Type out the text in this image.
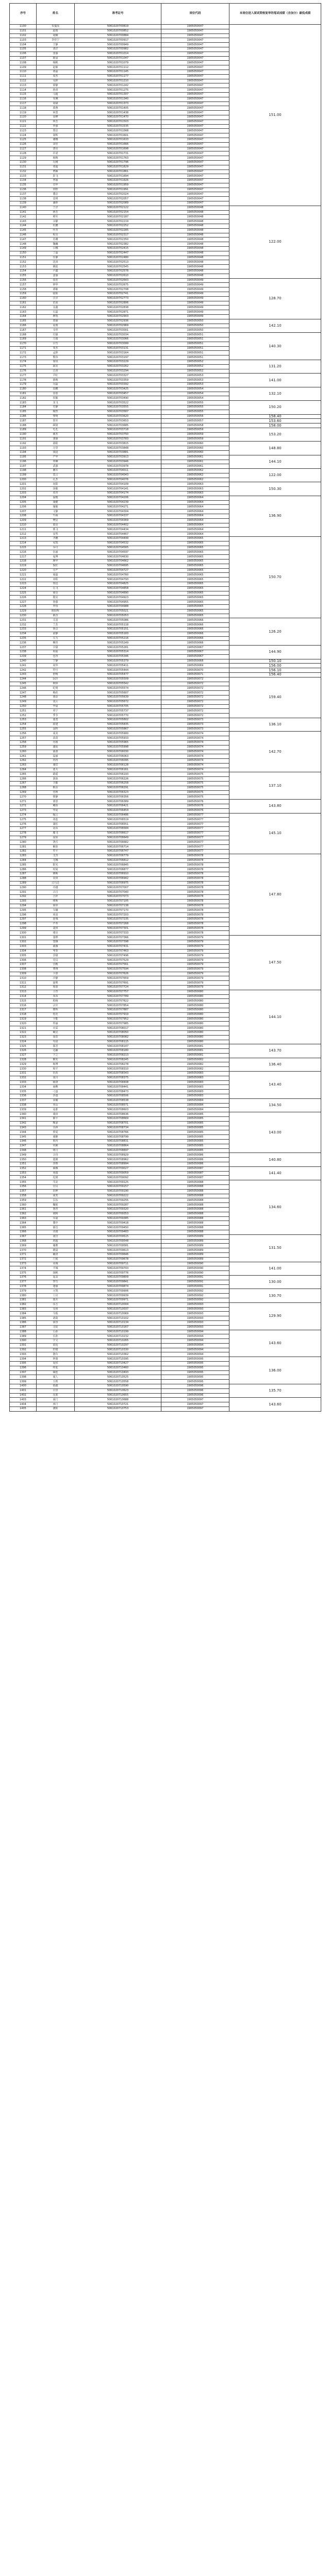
序号	姓名	准考证号	岗位代码	本岗位进入面试资格复审的笔试成绩（含加分）最低成绩
1100	朱蔓瑶	5061020700819	1905050047	151.00
1101	赵雨	5061020700852	1905050047	
1102	胡楠	5061020700884	1905050047	
1103	李佳宁	5061020700917	1905050047	
1104	王静	5061020700949	1905050047	
1105	刘洋	5061020700982	1905050047	
1106	张丽	5061020701014	1905050047	
1107	陈晨	5061020701047	1905050047	
1108	杨帆	5061020701079	1905050047	
1109	赵敏	5061020701112	1905050047	
1110	黄磊	5061020701145	1905050047	
1111	周杰	5061020701177	1905050047	
1112	吴婷	5061020701210	1905050047	
1113	徐静	5061020701242	1905050047	
1114	孙涛	5061020701275	1905050047	
1115	马超	5061020701307	1905050047	
1116	朱琳	5061020701340	1905050047	
1117	胡斌	5061020701373	1905050047	
1118	郭燕	5061020701405	1905050047	
1119	何勇	5061020701438	1905050047	
1120	高峰	5061020701470	1905050047	
1121	林芳	5061020701503	1905050047	
1122	罗强	5061020701535	1905050047	
1123	郑洁	5061020701568	1905050047	
1124	梁辉	5061020701601	1905050047	
1125	谢娜	5061020701633	1905050047	
1126	宋佳	5061020701666	1905050047	
1127	唐亮	5061020701698	1905050047	
1128	许诺	5061020701731	1905050047	
1129	韩梅	5061020701763	1905050047	
1130	冯刚	5061020701796	1905050047	
1131	邓超	5061020701829	1905050047	
1132	曹颖	5061020701861	1905050047	
1133	彭飞	5061020701894	1905050047	
1134	曾丽	5061020701926	1905050047	
1135	肖华	5061020701959	1905050047	
1136	田野	5061020701991	1905050047	
1137	董洁	5061020702024	1905050047	
1138	袁明	5061020702057	1905050047	
1139	潘婷	5061020702089	1905050047	
1140	于洋	5061020702122	1905050048	122.00
1141	蒋芳	5061020702154	1905050048	
1142	蔡军	5061020702187	1905050048	
1143	余静	5061020702219	1905050048	
1144	杜鹏	5061020702252	1905050048	
1145	叶青	5061020702285	1905050048	
1146	程亮	5061020702317	1905050048	
1147	苏珊	5061020702350	1905050048	
1148	魏巍	5061020702382	1905050048	
1149	吕娜	5061020702415	1905050048	
1150	丁磊	5061020702447	1905050048	
1151	任静	5061020702480	1905050048	
1152	沈涛	5061020702513	1905050048	
1153	姚瑶	5061020702545	1905050048	
1154	卢鑫	5061020702578	1905050048	
1155	姜丽	5061020702610	1905050048	
1156	崔浩	5061020702643	1905050049	128.70
1157	钟华	5061020702675	1905050049	
1158	谭敏	5061020702708	1905050049	
1159	陆阳	5061020702741	1905050049	
1160	汪洋	5061020702773	1905050049	
1161	范冰	5061020702806	1905050049	
1162	金鑫	5061020702838	1905050049	
1163	石磊	5061020702871	1905050049	
1164	廖凯	5061020702903	1905050049	
1165	贾丽	5061020702936	1905050050	142.10
1166	夏雨	5061020702969	1905050050	
1167	韦华	5061020703001	1905050050	
1168	付强	5061020703034	1905050051	140.30
1169	方圆	5061020703066	1905050051	
1170	白雪	5061020703099	1905050051	
1171	邹杰	5061020703131	1905050051	
1172	孟婷	5061020703164	1905050051	
1173	熊伟	5061020703197	1905050051	
1174	秦岚	5061020703229	1905050052	131.20
1175	邱实	5061020703262	1905050052	
1176	江涛	5061020703294	1905050052	
1177	尹红	5061020703327	1905050053	141.00
1178	薛梅	5061020703359	1905050053	
1179	闫磊	5061020703392	1905050053	
1180	段鹏	5061020703425	1905050054	132.10
1181	雷震	5061020703457	1905050054	
1182	侯敏	5061020703490	1905050054	
1183	龙飞	5061020703522	1905050055	150.20
1184	史静	5061020703555	1905050055	
1185	陶然	5061020703587	1905050055	
1186	黎明	5061020703620	1905050056	158.40
1187	贺军	5061020703653	1905050057	153.60
1188	顾倩	5061020703685	1905050058	158.00
1189	毛毛	5061020703718	1905050059	153.20
1190	郝杰	5061020703750	1905050059	
1191	龚丽	5061020703783	1905050059	
1192	邵阳	5061020703815	1905050060	148.80
1193	万里	5061020703848	1905050060	
1194	钱进	5061020703881	1905050060	
1195	严华	5061020703913	1905050061	144.10
1196	覃琳	5061020703946	1905050061	
1197	武强	5061020703978	1905050061	
1198	戴军	5061020704011	1905050062	122.00
1199	莫言	5061020704043	1905050062	
1200	孔杰	5061020704076	1905050062	
1201	向阳	5061020704109	1905050063	150.30
1202	汤敏	5061020704141	1905050063	
1203	常青	5061020704174	1905050063	
1204	温暖	5061020704206	1905050064	136.90
1205	康健	5061020704239	1905050064	
1206	施敏	5061020704271	1905050064	
1207	文静	5061020704304	1905050064	
1208	牛犇	5061020704337	1905050064	
1209	樊星	5061020704369	1905050064	
1210	葛亮	5061020704402	1905050064	
1211	邢飞	5061020704434	1905050064	
1212	安然	5061020704467	1905050064	
1213	齐鹏	5061020704499	1905050065	150.70
1214	易凯	5061020704532	1905050065	
1215	乔丹	5061020704565	1905050065	
1216	伍丽	5061020704597	1905050065	
1217	庞博	5061020704630	1905050065	
1218	颜华	5061020704662	1905050065	
1219	倪红	5061020704695	1905050065	
1220	庄严	5061020704727	1905050065	
1221	聂磊	5061020704760	1905050065	
1222	章程	5061020704793	1905050065	
1223	鲁迅	5061020704825	1905050065	
1224	岳飞	5061020704858	1905050065	
1225	翟亮	5061020704890	1905050065	
1226	殷实	5061020704923	1905050065	
1227	詹强	5061020704955	1905050065	
1228	申伟	5061020704988	1905050065	
1229	欧阳辉	5061020705021	1905050065	
1230	耿直	5061020705053	1905050065	
1231	关羽	5061020705086	1905050066	126.20
1232	兰芳	5061020705118	1905050066	
1233	焦点	5061020705151	1905050066	
1234	俞静	5061020705183	1905050066	
1235	左力	5061020705216	1905050066	
1236	柳青	5061020705249	1905050066	
1237	甘甜	5061020705281	1905050067	144.90
1238	祝福	5061020705314	1905050067	
1239	包容	5061020705346	1905050067	
1240	宁静	5061020705379	1905050068	150.10
1241	尚华	5061020705411	1905050069	156.00
1242	符号	5061020705444	1905050070	156.10
1243	舒畅	5061020705477	1905050071	156.40
1244	阮玲	5061020705509	1905050072	159.40
1245	柯林	5061020705542	1905050072	
1246	纪明	5061020705574	1905050072	
1247	梅花	5061020705607	1905050072	
1248	童话	5061020705639	1905050072	
1249	凌云	5061020705672	1905050072	
1250	毕晨	5061020705705	1905050072	
1251	单宁	5061020705737	1905050072	
1252	季节	5061020705770	1905050072	
1253	裴勇	5061020705802	1905050073	136.10
1254	霍建	5061020705835	1905050073	
1255	涂料	5061020705867	1905050073	
1256	成龙	5061020705900	1905050074	142.70
1257	苗苗	5061020705933	1905050074	
1258	谷雨	5061020705965	1905050074	
1259	盛夏	5061020705998	1905050074	
1260	曲波	5061020706030	1905050074	
1261	翁丽	5061020706063	1905050074	
1262	冉冉	5061020706095	1905050074	
1263	骆宾	5061020706128	1905050074	
1264	蓝天	5061020706161	1905050074	
1265	路遥	5061020706193	1905050075	137.10
1266	游泳	5061020706226	1905050075	
1267	辛勤	5061020706258	1905050075	
1268	靳东	5061020706291	1905050075	
1269	管理	5061020706323	1905050075	
1270	柴静	5061020706356	1905050075	
1271	蒙恩	5061020706389	1905050076	143.80
1272	鲍鱼	5061020706421	1905050076	
1273	华夏	5061020706454	1905050076	
1274	喻言	5061020706486	1905050077	145.10
1275	祁连	5061020706519	1905050077	
1276	蒲松	5061020706551	1905050077	
1277	房东	5061020706584	1905050077	
1278	滕飞	5061020706617	1905050077	
1279	屈原	5061020706649	1905050077	
1280	饶舌	5061020706682	1905050077	
1281	解放	5061020706714	1905050077	
1282	牟平	5061020706747	1905050077	
1283	艾青	5061020706779	1905050078	147.80
1284	尤娜	5061020706812	1905050078	
1285	阳光	5061020706845	1905050078	
1286	时间	5061020706877	1905050078	
1287	穆斯	5061020706910	1905050078	
1288	农田	5061020706942	1905050078	
1289	司马迁	5061020706975	1905050078	
1290	卓越	5061020707007	1905050078	
1291	古月	5061020707040	1905050078	
1292	吉祥	5061020707073	1905050078	
1293	缪斯	5061020707105	1905050078	
1294	简单	5061020707138	1905050078	
1295	车辆	5061020707170	1905050078	
1296	项羽	5061020707203	1905050078	
1297	连城	5061020707235	1905050078	
1298	芦苇	5061020707268	1905050078	
1299	麦田	5061020707301	1905050078	
1300	褚亮	5061020707333	1905050078	
1301	娄烨	5061020707366	1905050079	147.50
1302	窦娥	5061020707398	1905050079	
1303	戚薇	5061020707431	1905050079	
1304	岑参	5061020707463	1905050079	
1305	景甜	5061020707496	1905050079	
1306	党员	5061020707529	1905050079	
1307	宫殿	5061020707561	1905050079	
1308	费翔	5061020707594	1905050079	
1309	卜算	5061020707626	1905050079	
1310	冷静	5061020707659	1905050079	
1311	晏殊	5061020707691	1905050079	
1312	席慕	5061020707724	1905050079	
1313	卫青	5061020707757	1905050080	144.10
1314	米芾	5061020707789	1905050080	
1315	柏杨	5061020707822	1905050080	
1316	宗庆	5061020707854	1905050080	
1317	瞿秋	5061020707887	1905050080	
1318	桂花	5061020707919	1905050080	
1319	全能	5061020707952	1905050080	
1320	佟丽	5061020707985	1905050080	
1321	应采	5061020708017	1905050080	
1322	臧克	5061020708050	1905050080	
1323	闵浩	5061020708082	1905050080	
1324	苟富	5061020708115	1905050080	
1325	邬君	5061020708147	1905050081	143.70
1326	边疆	5061020708180	1905050081	
1327	卞之	5061020708213	1905050081	
1328	姬发	5061020708245	1905050082	136.40
1329	师傅	5061020708278	1905050082	
1330	和平	5061020708310	1905050082	
1331	仇英	5061020708343	1905050083	143.40
1332	栾川	5061020708375	1905050083	
1333	隋唐	5061020708408	1905050083	
1334	商鞅	5061020708441	1905050083	
1335	刁蛮	5061020708473	1905050083	
1336	沙漠	5061020708506	1905050083	
1337	荣耀	5061020708538	1905050084	134.50
1338	巫山	5061020708571	1905050084	
1339	寇准	5061020708603	1905050084	
1340	桑田	5061020708636	1905050085	143.00
1341	郎平	5061020708669	1905050085	
1342	甄宓	5061020708701	1905050085	
1343	丛林	5061020708734	1905050085	
1344	仲夏	5061020708766	1905050085	
1345	虞姬	5061020708799	1905050085	
1346	敖丙	5061020708831	1905050085	
1347	巩俐	5061020708864	1905050085	
1348	明月	5061020708897	1905050085	
1349	佘诗	5061020708929	1905050086	140.80
1350	池塘	5061020708962	1905050086	
1351	查理	5061020708994	1905050086	
1352	麻辣	5061020709027	1905050087	141.40
1353	苑瑞	5061020709059	1905050087	
1354	迟到	5061020709092	1905050087	
1355	邝美	5061020709125	1905050088	134.60
1356	官员	5061020709157	1905050088	
1357	封神	5061020709190	1905050088	
1358	谈笑	5061020709222	1905050088	
1359	匡扶	5061020709255	1905050088	
1360	鞠躬	5061020709287	1905050088	
1361	惠普	5061020709320	1905050088	
1362	荆轲	5061020709353	1905050088	
1363	乐嘉	5061020709385	1905050088	
1364	冀中	5061020709418	1905050088	
1365	郁达	5061020709450	1905050088	
1366	胥渡	5061020709483	1905050088	
1367	南宫	5061020709515	1905050089	131.50
1368	班超	5061020709548	1905050089	
1369	储蓄	5061020709581	1905050089	
1370	姚晨	5061020709613	1905050089	
1371	阚清	5061020709646	1905050089	
1372	门庭	5061020709678	1905050089	
1373	芮城	5061020709711	1905050090	141.00
1374	羊城	5061020709743	1905050090	
1375	扬帆	5061020709776	1905050090	
1376	晁盖	5061020709809	1905050091	130.00
1377	訾雪	5061020709841	1905050091	
1378	逄丽	5061020709874	1905050091	
1379	亓凯	5061020709906	1905050092	130.70
1380	上官	5061020709939	1905050092	
1381	端木	5061020709971	1905050092	
1382	东方	5061020710004	1905050093	129.90
1383	皇甫	5061020710037	1905050093	
1384	令狐	5061020710069	1905050093	
1385	诸葛	5061020710102	1905050093	
1386	慕容	5061020710134	1905050093	
1387	司徒	5061020710167	1905050093	
1388	公孙	5061020710199	1905050094	143.60
1389	长孙	5061020710232	1905050094	
1390	宇文	5061020710265	1905050094	
1391	尉迟	5061020710297	1905050094	
1392	轩辕	5061020710330	1905050094	
1393	澹台	5061020710362	1905050094	
1394	钟离	5061020710395	1905050095	136.00
1395	夏侯	5061020710427	1905050095	
1396	呼延	5061020710460	1905050095	
1397	赫连	5061020710493	1905050095	
1398	闻人	5061020710525	1905050095	
1399	万俟	5061020710558	1905050095	
1400	拓跋	5061020710590	1905050096	135.70
1401	百里	5061020710623	1905050096	
1402	东郭	5061020710655	1905050096	
1403	南门	5061020710688	1905050097	143.60
1404	西门	5061020710721	1905050097	
1405	濮阳	5061020710753	1905050097	
